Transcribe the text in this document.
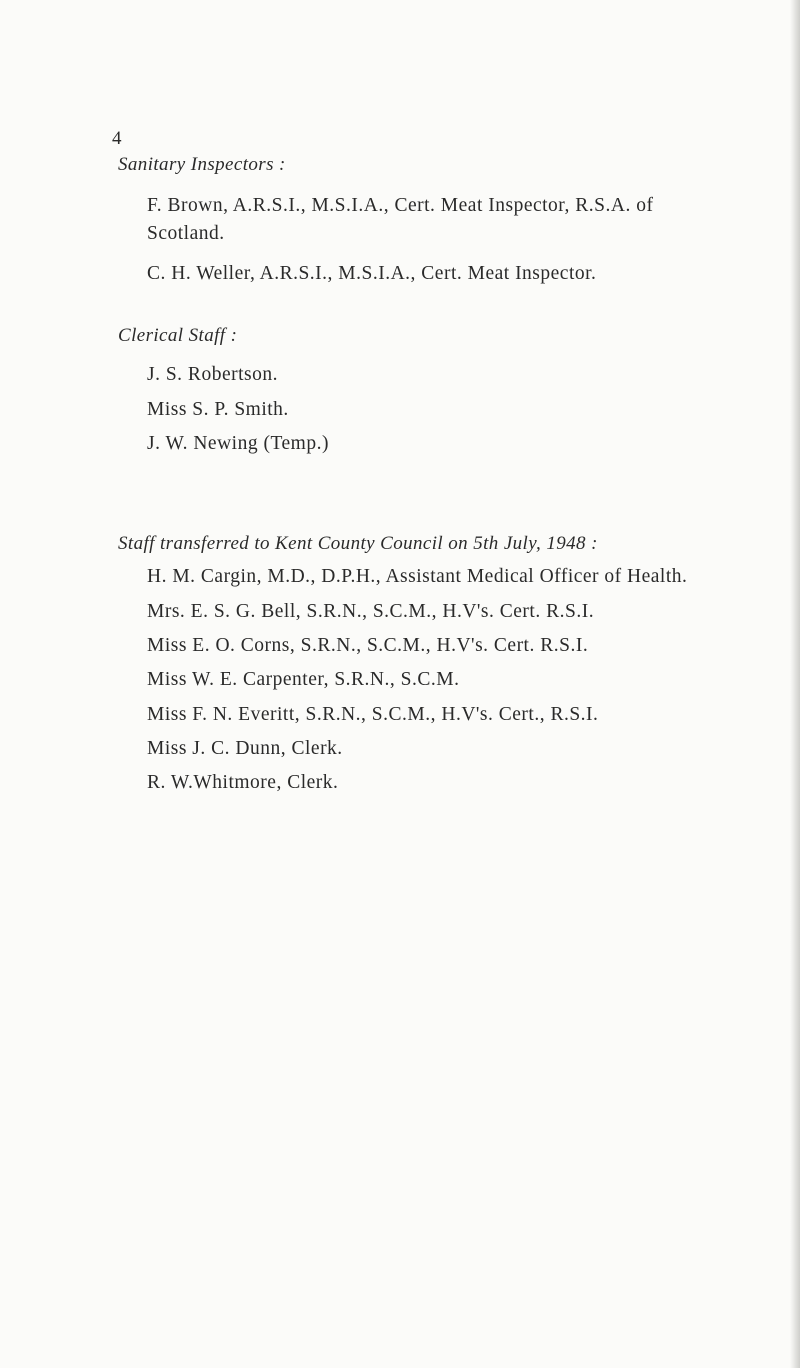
4
Sanitary Inspectors :
F. Brown, A.R.S.I., M.S.I.A., Cert. Meat Inspector, R.S.A. of
Scotland.
C. H. Weller, A.R.S.I., M.S.I.A., Cert. Meat Inspector.
Clerical Staff :
J. S. Robertson.
Miss S. P. Smith.
J. W. Newing (Temp.)
Staff transferred to Kent County Council on 5th July, 1948 :
H. M. Cargin, M.D., D.P.H., Assistant Medical Officer of Health.
Mrs. E. S. G. Bell, S.R.N., S.C.M., H.V's. Cert. R.S.I.
Miss E. O. Corns, S.R.N., S.C.M., H.V's. Cert. R.S.I.
Miss W. E. Carpenter, S.R.N., S.C.M.
Miss F. N. Everitt, S.R.N., S.C.M., H.V's. Cert., R.S.I.
Miss J. C. Dunn, Clerk.
R. W.Whitmore, Clerk.
